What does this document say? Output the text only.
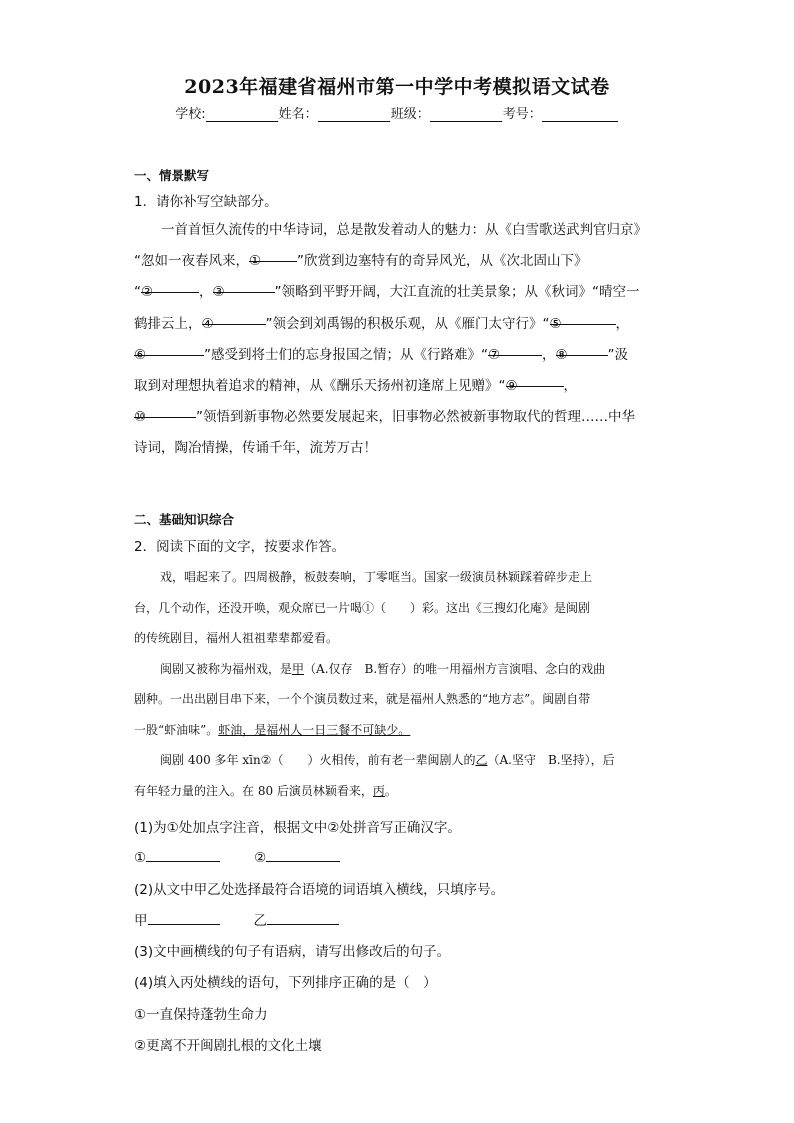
2023年福建省福州市第一中学中考模拟语文试卷
学校:	姓名：	班级：	考号：
一、情景默写
1．请你补写空缺部分。
一首首恒久流传的中华诗词，总是散发着动人的魅力：从《白雪歌送武判官归京》
“忽如一夜春风来，①	”欣赏到边塞特有的奇异风光，从《次北固山下》
“②	，③	”领略到平野开阔，大江直流的壮美景象；从《秋词》“晴空一
鹤排云上，④	”领会到刘禹锡的积极乐观，从《雁门太守行》“⑤	，
⑥	”感受到将士们的忘身报国之情；从《行路难》“⑦	，⑧	”汲
取到对理想执着追求的精神，从《酬乐天扬州初逢席上见赠》“⑨	，
⑩	”领悟到新事物必然要发展起来，旧事物必然被新事物取代的哲理……中华
诗词，陶冶情操，传诵千年，流芳万古！
二、基础知识综合
2．阅读下面的文字，按要求作答。
戏，唱起来了。四周极静，板鼓奏响，丁零哐当。国家一级演员林颖踩着碎步走上
台，几个动作，还没开唤，观众席已一片喝①（　　）彩。这出《三搜幻化庵》是闽剧
的传统剧目，福州人祖祖辈辈都爱看。
闽剧又被称为福州戏，是甲（A.仅存　B.暂存）的唯一用福州方言演唱、念白的戏曲
剧种。一出出剧目串下来，一个个演员数过来，就是福州人熟悉的“地方志”。闽剧自带
一股“虾油味”。虾油，是福州人一日三餐不可缺少。
闽剧 400 多年 xīn②（　　）火相传，前有老一辈闽剧人的乙（A.坚守　B.坚持），后
有年轻力量的注入。在 80 后演员林颖看来，丙。
(1)为①处加点字注音，根据文中②处拼音写正确汉字。
①	②
(2)从文中甲乙处选择最符合语境的词语填入横线，只填序号。
甲	乙
(3)文中画横线的句子有语病，请写出修改后的句子。
(4)填入丙处横线的语句，下列排序正确的是（　）
①一直保持蓬勃生命力
②更离不开闽剧扎根的文化土壤
